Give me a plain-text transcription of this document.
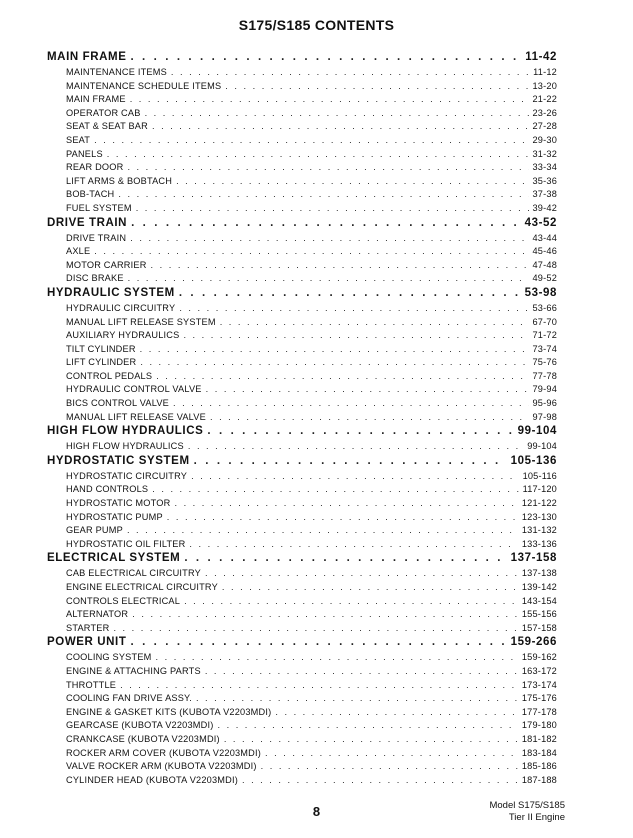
S175/S185 CONTENTS
MAIN FRAME . . .	11-42
MAINTENANCE ITEMS . . .	11-12
MAINTENANCE SCHEDULE ITEMS . . .	13-20
MAIN FRAME . . .	21-22
OPERATOR CAB . . .	23-26
SEAT & SEAT BAR . . .	27-28
SEAT . . .	29-30
PANELS . . .	31-32
REAR DOOR . . .	33-34
LIFT ARMS & BOBTACH . . .	35-36
BOB-TACH . . .	37-38
FUEL SYSTEM . . .	39-42
DRIVE TRAIN . . .	43-52
DRIVE TRAIN . . .	43-44
AXLE . . .	45-46
MOTOR CARRIER . . .	47-48
DISC BRAKE . . .	49-52
HYDRAULIC SYSTEM . . .	53-98
HYDRAULIC CIRCUITRY . . .	53-66
MANUAL LIFT RELEASE SYSTEM . . .	67-70
AUXILIARY HYDRAULICS . . .	71-72
TILT CYLINDER . . .	73-74
LIFT CYLINDER . . .	75-76
CONTROL PEDALS . . .	77-78
HYDRAULIC CONTROL VALVE . . .	79-94
BICS CONTROL VALVE . . .	95-96
MANUAL LIFT RELEASE VALVE . . .	97-98
HIGH FLOW HYDRAULICS . . .	99-104
HIGH FLOW HYDRAULICS . . .	99-104
HYDROSTATIC SYSTEM . . .	105-136
HYDROSTATIC CIRCUITRY . . .	105-116
HAND CONTROLS . . .	117-120
HYDROSTATIC MOTOR . . .	121-122
HYDROSTATIC PUMP . . .	123-130
GEAR PUMP . . .	131-132
HYDROSTATIC OIL FILTER . . .	133-136
ELECTRICAL SYSTEM . . .	137-158
CAB ELECTRICAL CIRCUITRY . . .	137-138
ENGINE ELECTRICAL CIRCUITRY . . .	139-142
CONTROLS ELECTRICAL . . .	143-154
ALTERNATOR . . .	155-156
STARTER . . .	157-158
POWER UNIT . . .	159-266
COOLING SYSTEM . . .	159-162
ENGINE & ATTACHING PARTS . . .	163-172
THROTTLE . . .	173-174
COOLING FAN DRIVE ASSY. . . .	175-176
ENGINE & GASKET KITS (KUBOTA V2203MDI) . . .	177-178
GEARCASE (KUBOTA V2203MDI) . . .	179-180
CRANKCASE (KUBOTA V2203MDI) . . .	181-182
ROCKER ARM COVER (KUBOTA V2203MDI) . . .	183-184
VALVE ROCKER ARM (KUBOTA V2203MDI) . . .	185-186
CYLINDER HEAD (KUBOTA V2203MDI) . . .	187-188
8	Model S175/S185
Tier II Engine
